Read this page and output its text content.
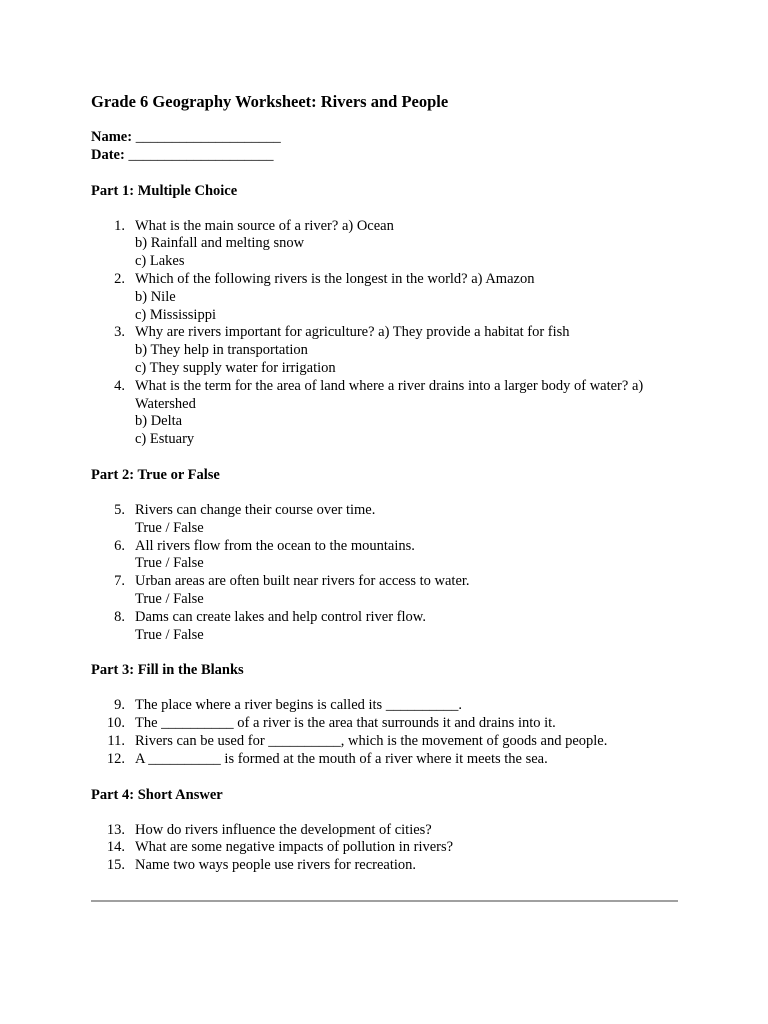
Grade 6 Geography Worksheet: Rivers and People
Name: ____________________
Date: ____________________
Part 1: Multiple Choice
1. What is the main source of a river? a) Ocean
b) Rainfall and melting snow
c) Lakes
2. Which of the following rivers is the longest in the world? a) Amazon
b) Nile
c) Mississippi
3. Why are rivers important for agriculture? a) They provide a habitat for fish
b) They help in transportation
c) They supply water for irrigation
4. What is the term for the area of land where a river drains into a larger body of water? a)
Watershed
b) Delta
c) Estuary
Part 2: True or False
5. Rivers can change their course over time.
True / False
6. All rivers flow from the ocean to the mountains.
True / False
7. Urban areas are often built near rivers for access to water.
True / False
8. Dams can create lakes and help control river flow.
True / False
Part 3: Fill in the Blanks
9. The place where a river begins is called its __________.
10. The __________ of a river is the area that surrounds it and drains into it.
11. Rivers can be used for __________, which is the movement of goods and people.
12. A __________ is formed at the mouth of a river where it meets the sea.
Part 4: Short Answer
13. How do rivers influence the development of cities?
14. What are some negative impacts of pollution in rivers?
15. Name two ways people use rivers for recreation.
